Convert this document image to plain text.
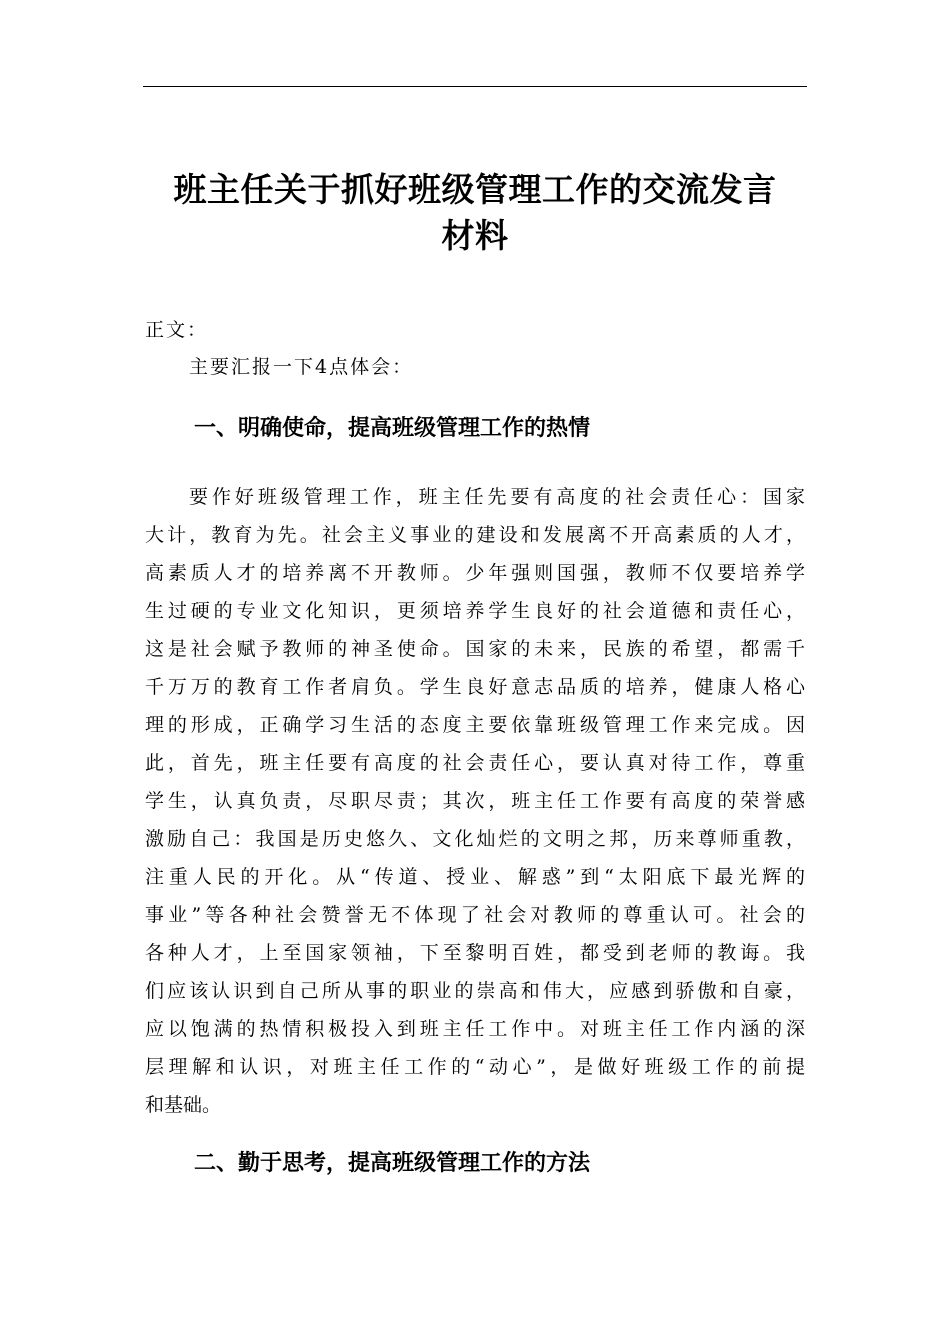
班主任关于抓好班级管理工作的交流发言
材料
正文：
主要汇报一下4点体会：
一、明确使命，提高班级管理工作的热情
要作好班级管理工作，班主任先要有高度的社会责任心：国家
大计，教育为先。社会主义事业的建设和发展离不开高素质的人才，
高素质人才的培养离不开教师。少年强则国强，教师不仅要培养学
生过硬的专业文化知识，更须培养学生良好的社会道德和责任心，
这是社会赋予教师的神圣使命。国家的未来，民族的希望，都需千
千万万的教育工作者肩负。学生良好意志品质的培养，健康人格心
理的形成，正确学习生活的态度主要依靠班级管理工作来完成。因
此，首先，班主任要有高度的社会责任心，要认真对待工作，尊重
学生，认真负责，尽职尽责；其次，班主任工作要有高度的荣誉感
激励自己：我国是历史悠久、文化灿烂的文明之邦，历来尊师重教，
注重人民的开化。从“传道、授业、解惑”到“太阳底下最光辉的
事业”等各种社会赞誉无不体现了社会对教师的尊重认可。社会的
各种人才，上至国家领袖，下至黎明百姓，都受到老师的教诲。我
们应该认识到自己所从事的职业的崇高和伟大，应感到骄傲和自豪，
应以饱满的热情积极投入到班主任工作中。对班主任工作内涵的深
层理解和认识，对班主任工作的“动心”，是做好班级工作的前提
和基础。
二、勤于思考，提高班级管理工作的方法
